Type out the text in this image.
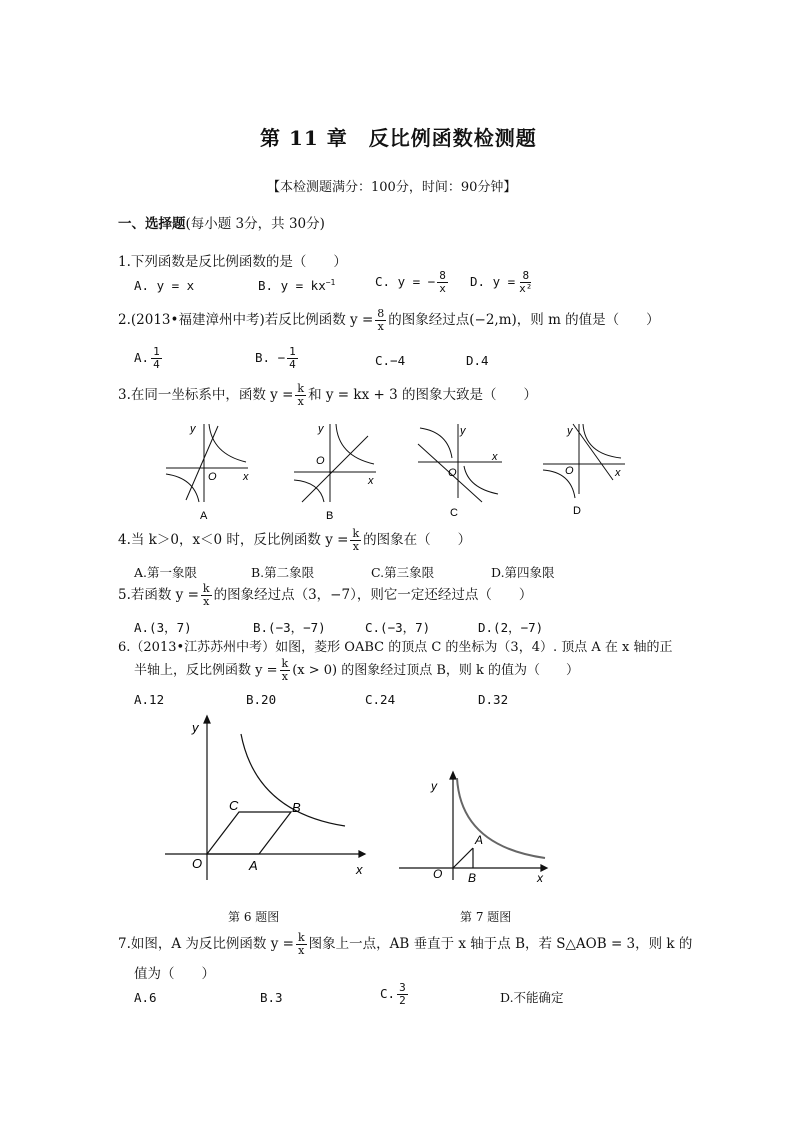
第 11 章　反比例函数检测题
【本检测题满分：100分，时间：90分钟】
一、选择题(每小题 3分，共 30分)
1.下列函数是反比例函数的是（　　）
A. y = x	B. $y = kx^{-1}$	C. y = − $\frac{8}{x} D$. $y = \frac{8}{\text{x²}}$
2.(2013•福建漳州中考)若反比例函数 $y = \frac{8}{x}$ 的图象经过点(−2,m)，则 m 的值是（　　）
A. $\frac{1}{4}$	B. − $\frac{1}{4}$	C.−4	D.4
3.在同一坐标系中，函数 $y = \frac{k}{x}$ 和 y = kx + 3 的图象大致是（　　）
y
x
O
A
y
x
O
B
y
x
O
C
y
x
O
D
4.当 k＞0，x＜0 时，反比例函数 $y = \frac{k}{x}$ 的图象在（　　）
A.第一象限	B.第二象限	C.第三象限	D.第四象限
5.若函数 $y = \frac{k}{x}$ 的图象经过点（3，−7），则它一定还经过点（　　）
A.(3，7)	B.(−3，−7)	C.(−3，7)	D.(2，−7)
6.（2013•江苏苏州中考）如图，菱形 OABC 的顶点 C 的坐标为（3，4）. 顶点 A 在 x 轴的正
半轴上，反比例函数 $y = \frac{k}{x} (x > 0)$ 的图象经过顶点 B，则 k 的值为（　　）
A.12	B.20	C.24	D.32
y
x
O	A
B
C
第 6 题图
y
x
O
A
B
第 7 题图
7.如图，A 为反比例函数 $y = \frac{k}{x}$ 图象上一点，AB 垂直于 x 轴于点 B，若 S△AOB = 3，则 k 的
值为（　　）
A.6	B.3	C. $\frac{3}{2}$	D.不能确定
